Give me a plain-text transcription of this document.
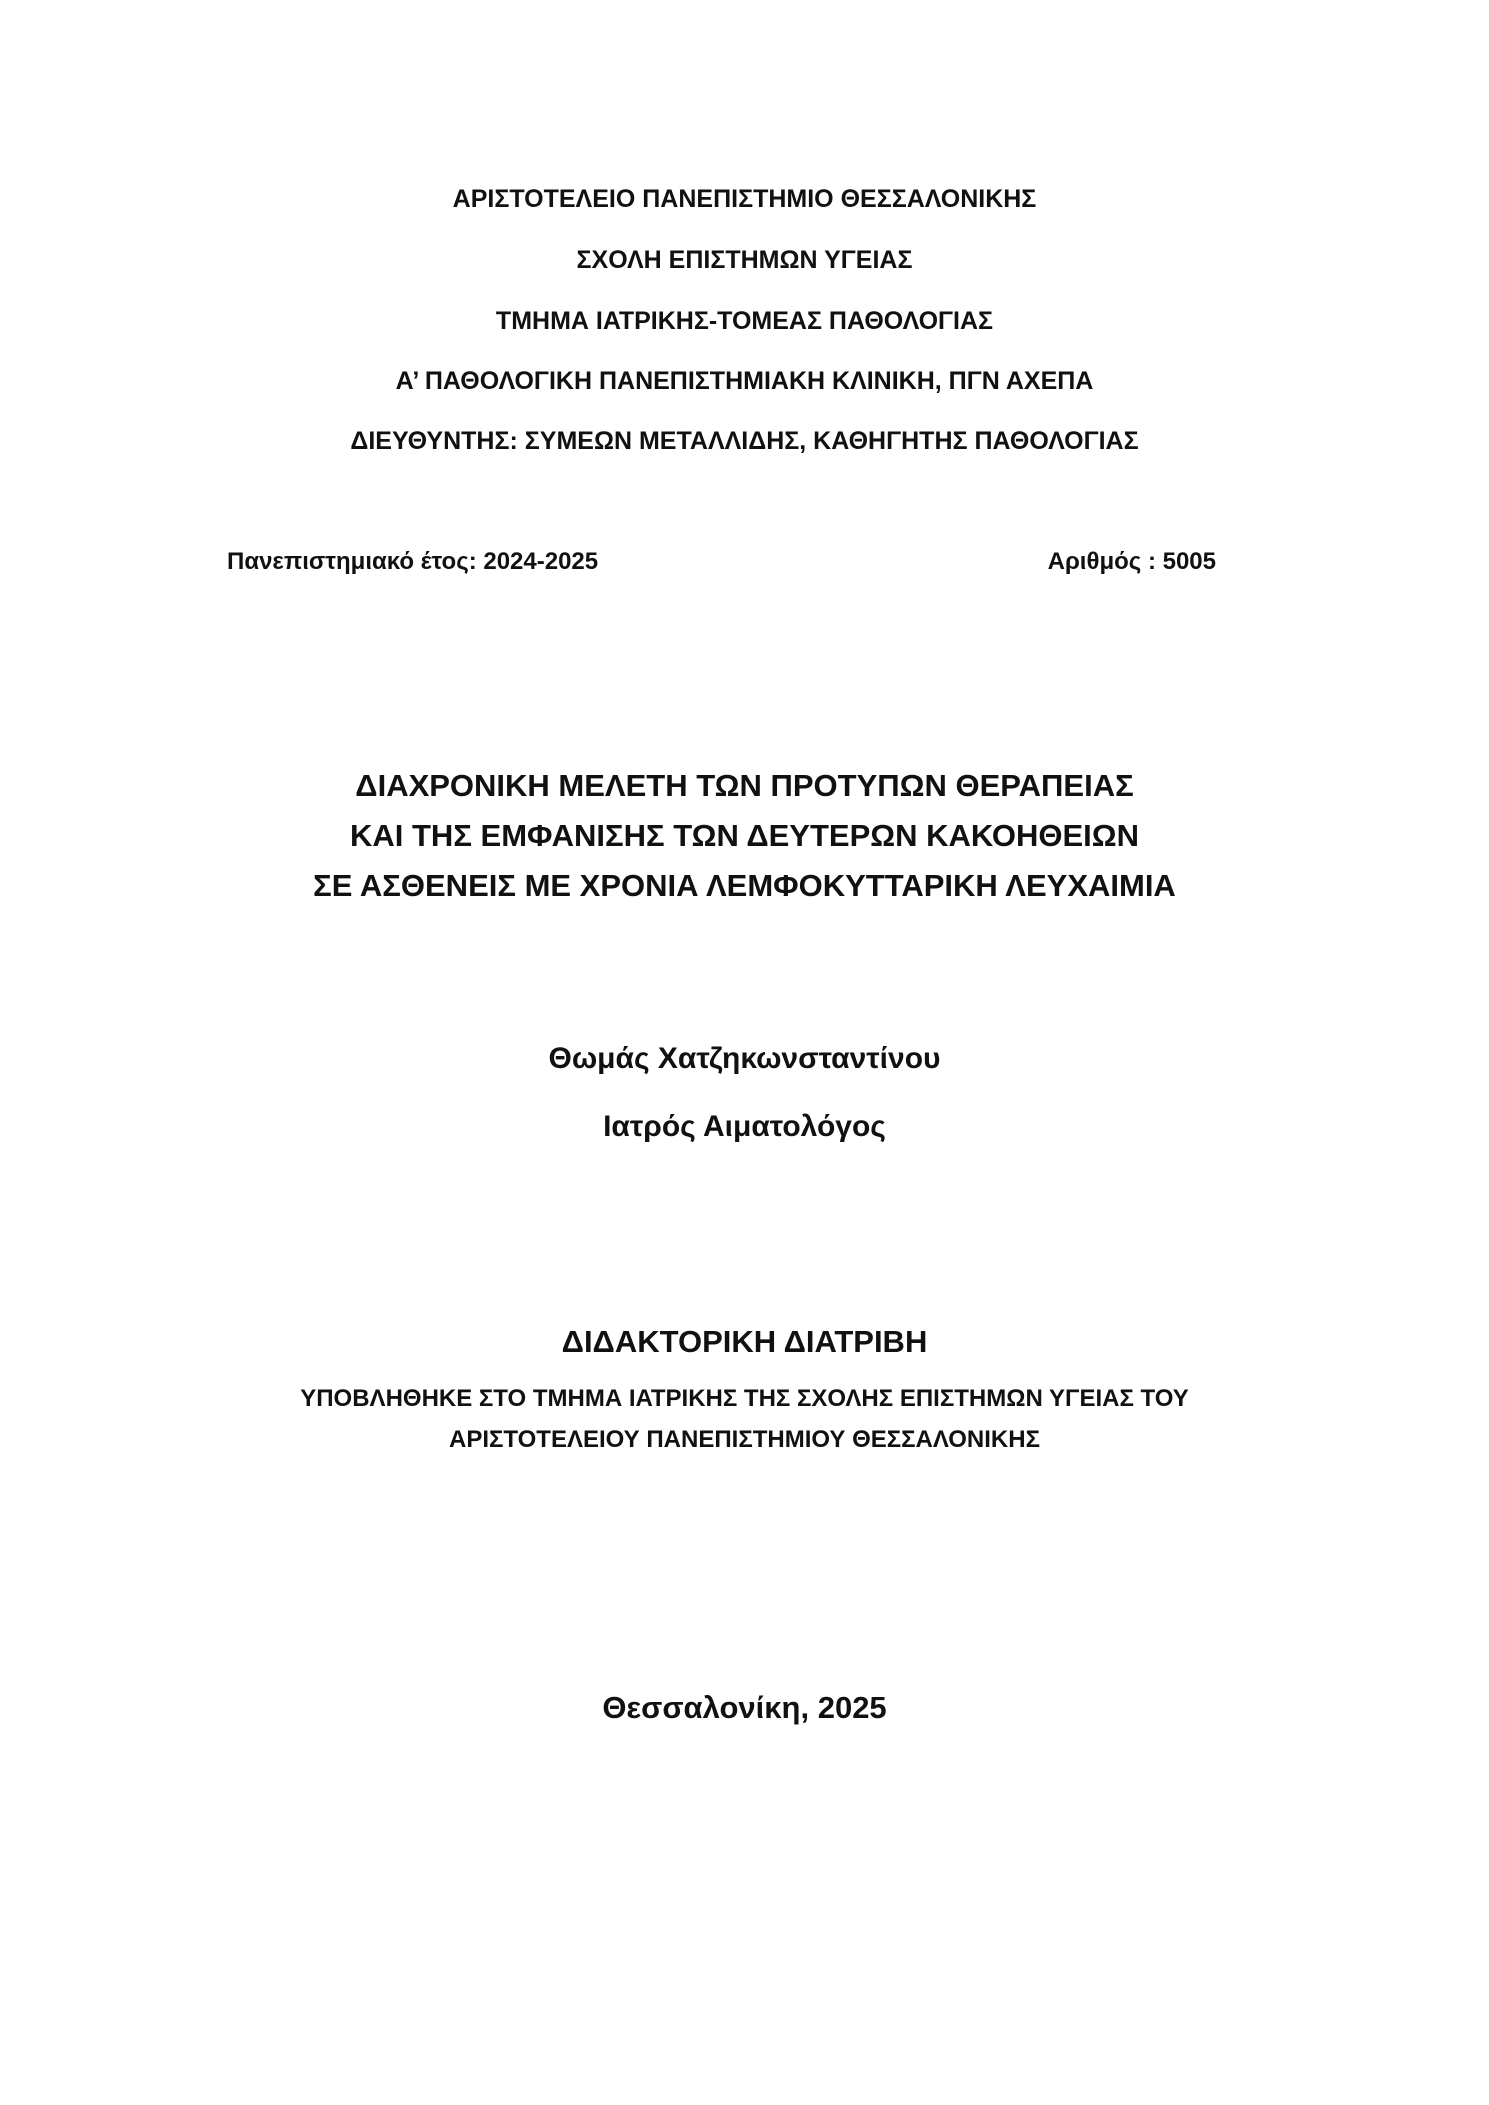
ΑΡΙΣΤΟΤΕΛΕΙΟ ΠΑΝΕΠΙΣΤΗΜΙΟ ΘΕΣΣΑΛΟΝΙΚΗΣ
ΣΧΟΛΗ ΕΠΙΣΤΗΜΩΝ ΥΓΕΙΑΣ
ΤΜΗΜΑ ΙΑΤΡΙΚΗΣ-ΤΟΜΕΑΣ ΠΑΘΟΛΟΓΙΑΣ
Α’ ΠΑΘΟΛΟΓΙΚΗ ΠΑΝΕΠΙΣΤΗΜΙΑΚΗ ΚΛΙΝΙΚΗ, ΠΓΝ ΑΧΕΠΑ
ΔΙΕΥΘΥΝΤΗΣ: ΣΥΜΕΩΝ ΜΕΤΑΛΛΙΔΗΣ, ΚΑΘΗΓΗΤΗΣ ΠΑΘΟΛΟΓΙΑΣ
Πανεπιστημιακό έτος: 2024-2025	Αριθμός : 5005
ΔΙΑΧΡΟΝΙΚΗ ΜΕΛΕΤΗ ΤΩΝ ΠΡΟΤΥΠΩΝ ΘΕΡΑΠΕΙΑΣ
ΚΑΙ ΤΗΣ ΕΜΦΑΝΙΣΗΣ ΤΩΝ ΔΕΥΤΕΡΩΝ ΚΑΚΟΗΘΕΙΩΝ
ΣΕ ΑΣΘΕΝΕΙΣ ΜΕ ΧΡΟΝΙΑ ΛΕΜΦΟΚΥΤΤΑΡΙΚΗ ΛΕΥΧΑΙΜΙΑ
Θωμάς Χατζηκωνσταντίνου
Ιατρός Αιματολόγος
ΔΙΔΑΚΤΟΡΙΚΗ ΔΙΑΤΡΙΒΗ
ΥΠΟΒΛΗΘΗΚΕ ΣΤΟ ΤΜΗΜΑ ΙΑΤΡΙΚΗΣ ΤΗΣ ΣΧΟΛΗΣ ΕΠΙΣΤΗΜΩΝ ΥΓΕΙΑΣ ΤΟΥ
ΑΡΙΣΤΟΤΕΛΕΙΟΥ ΠΑΝΕΠΙΣΤΗΜΙΟΥ ΘΕΣΣΑΛΟΝΙΚΗΣ
Θεσσαλονίκη, 2025
